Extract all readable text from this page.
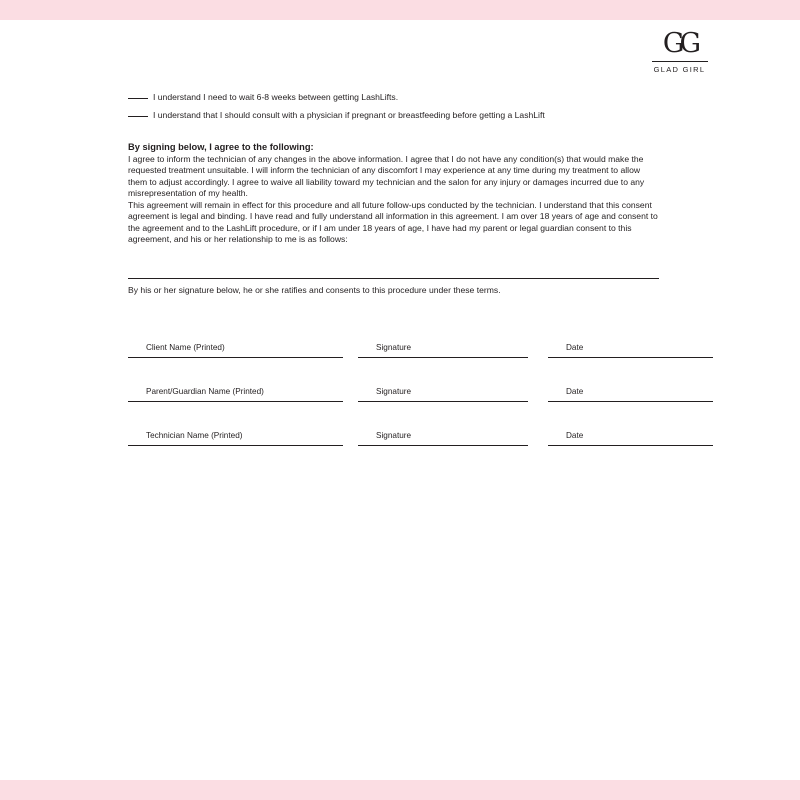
GG
GLAD GIRL
I understand I need to wait 6-8 weeks between getting LashLifts.
I understand that I should consult with a physician if pregnant or breastfeeding before getting a LashLift
By signing below, I agree to the following:
I agree to inform the technician of any changes in the above information. I agree that I do not have any condition(s) that would make the requested treatment unsuitable. I will inform the technician of any discomfort I may experience at any time during my treatment to allow them to adjust accordingly. I agree to waive all liability toward my technician and the salon for any injury or damages incurred due to any misrepresentation of my health.
This agreement will remain in effect for this procedure and all future follow-ups conducted by the technician. I understand that this consent agreement is legal and binding. I have read and fully understand all information in this agreement. I am over 18 years of age and consent to the agreement and to the LashLift procedure, or if I am under 18 years of age, I have had my parent or legal guardian consent to this agreement, and his or her relationship to me is as follows:
By his or her signature below, he or she ratifies and consents to this procedure under these terms.
Client Name (Printed)	Signature	Date
Parent/Guardian Name (Printed)	Signature	Date
Technician Name (Printed)	Signature	Date
